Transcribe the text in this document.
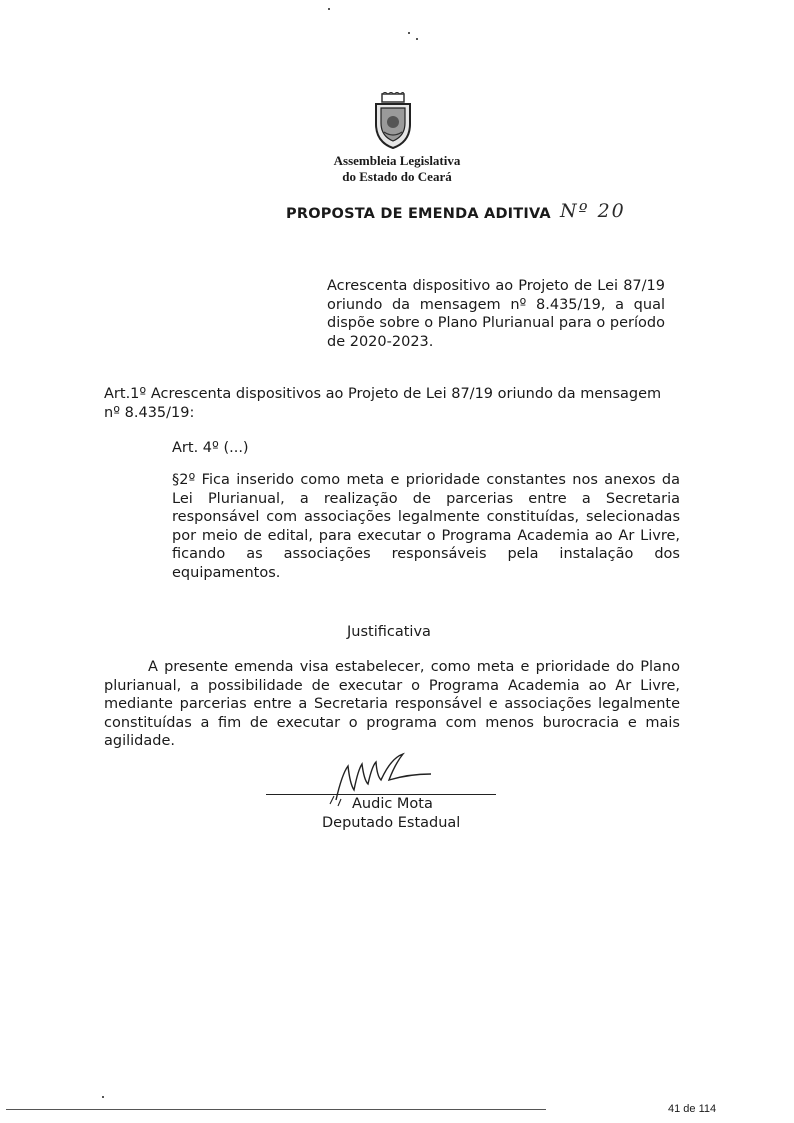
Assembleia Legislativa
do Estado do Ceará
PROPOSTA DE EMENDA ADITIVA Nº 20
Acrescenta dispositivo ao Projeto de Lei 87/19 oriundo da mensagem nº 8.435/19, a qual dispõe sobre o Plano Plurianual para o período de 2020-2023.
Art.1º Acrescenta dispositivos ao Projeto de Lei 87/19 oriundo da mensagem nº 8.435/19:
Art. 4º (...)
§2º Fica inserido como meta e prioridade constantes nos anexos da Lei Plurianual, a realização de parcerias entre a Secretaria responsável com associações legalmente constituídas, selecionadas por meio de edital, para executar o Programa Academia ao Ar Livre, ficando as associações responsáveis pela instalação dos equipamentos.
Justificativa
A presente emenda visa estabelecer, como meta e prioridade do Plano plurianual, a possibilidade de executar o Programa Academia ao Ar Livre, mediante parcerias entre a Secretaria responsável e associações legalmente constituídas a fim de executar o programa com menos burocracia e mais agilidade.
Audic Mota
Deputado Estadual
41 de 114
